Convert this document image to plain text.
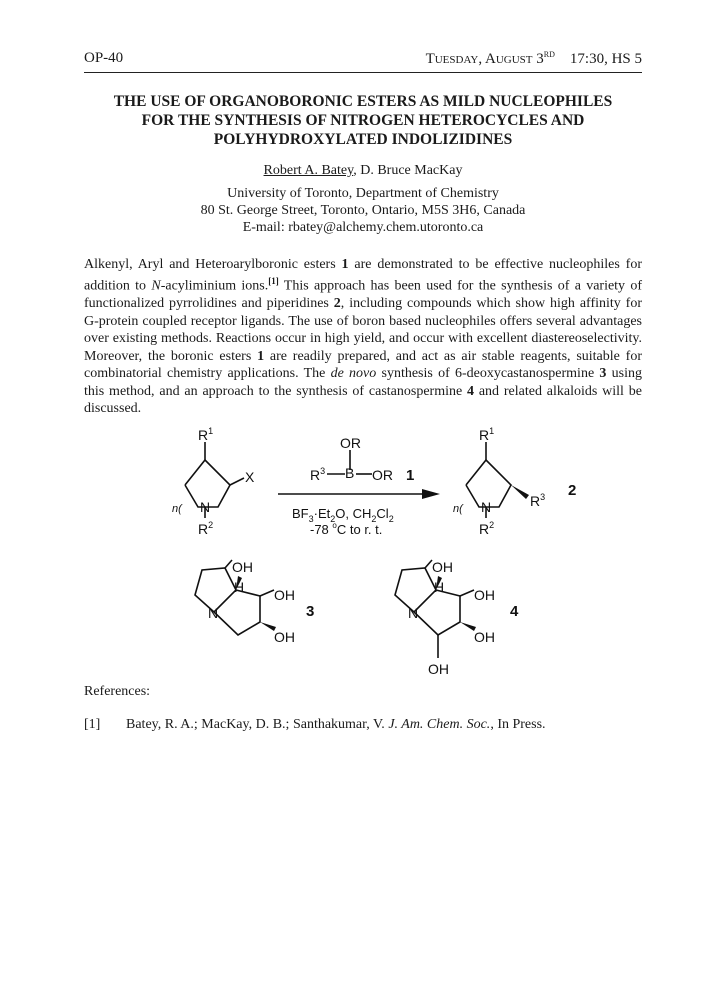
OP-40	Tuesday, August 3RD 17:30, HS 5
THE USE OF ORGANOBORONIC ESTERS AS MILD NUCLEOPHILES
FOR THE SYNTHESIS OF NITROGEN HETEROCYCLES AND
POLYHYDROXYLATED INDOLIZIDINES
Robert A. Batey, D. Bruce MacKay
University of Toronto, Department of Chemistry
80 St. George Street, Toronto, Ontario, M5S 3H6, Canada
E-mail: rbatey@alchemy.chem.utoronto.ca
Alkenyl, Aryl and Heteroarylboronic esters 1 are demonstrated to be effective nucleophiles for addition to N-acyliminium ions.[1] This approach has been used for the synthesis of a variety of functionalized pyrrolidines and piperidines 2, including compounds which show high affinity for G-protein coupled receptor ligands. The use of boron based nucleophiles offers several advantages over existing methods. Reactions occur in high yield, and occur with excellent diastereoselectivity. Moreover, the boronic esters 1 are readily prepared, and act as air stable reagents, suitable for combinatorial chemistry applications. The de novo synthesis of 6-deoxycastanospermine 3 using this method, and an approach to the synthesis of castanospermine 4 and related alkaloids will be discussed.
$R^1$
X
N
n(
$R^2$
OR
$R^3$ B OR 1
$BF_3\cdot Et_2O$, $CH_2Cl_2$
-78 $^o$C to r. t.
$R^1$
N
n(	$R^3$
$R^2$
2
OH
H OH
OH
N	3
OH
H OH
OH
OH
N	4
References:
[1] Batey, R. A.; MacKay, D. B.; Santhakumar, V. J. Am. Chem. Soc., In Press.
